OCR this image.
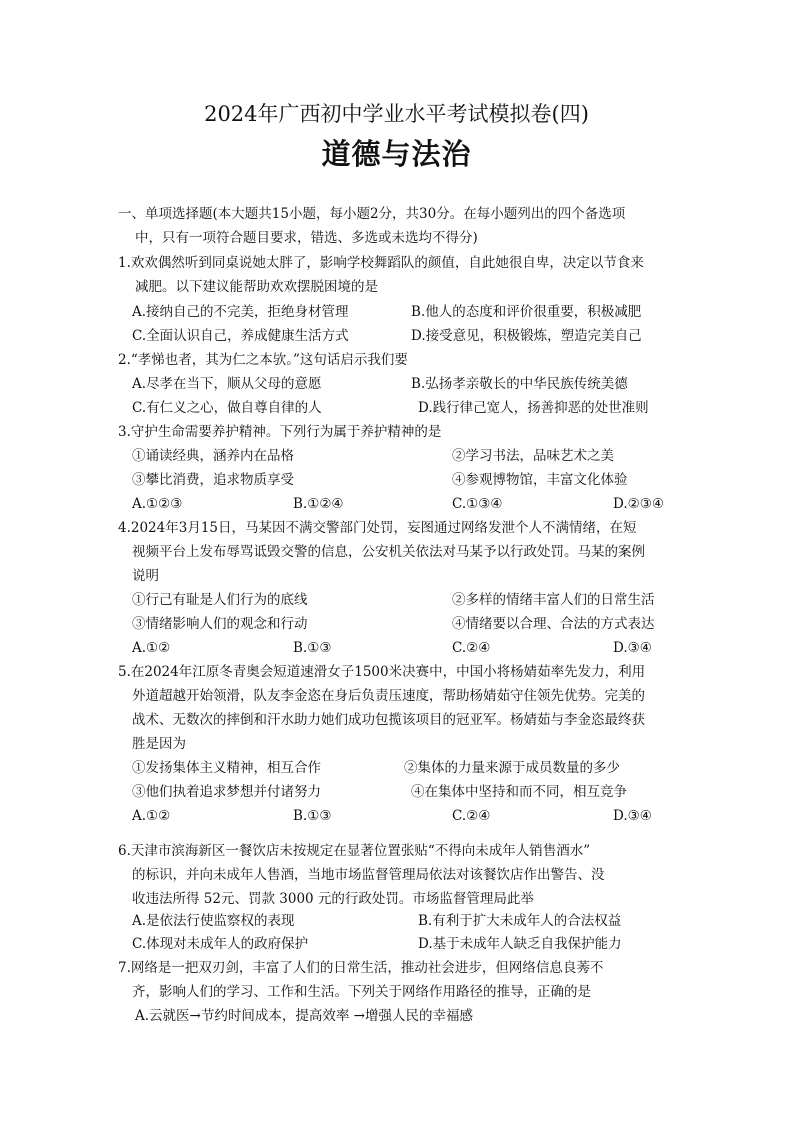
2024年广西初中学业水平考试模拟卷(四)
道德与法治
一、单项选择题(本大题共15小题，每小题2分，共30分。在每小题列出的四个备选项
中，只有一项符合题目要求，错选、多选或未选均不得分)
1.欢欢偶然听到同桌说她太胖了，影响学校舞蹈队的颜值，自此她很自卑，决定以节食来
减肥。以下建议能帮助欢欢摆脱困境的是
A.接纳自己的不完美，拒绝身材管理	B.他人的态度和评价很重要，积极减肥
C.全面认识自己，养成健康生活方式	D.接受意见，积极锻炼，塑造完美自己
2.“孝悌也者，其为仁之本欤。”这句话启示我们要
A.尽孝在当下，顺从父母的意愿	B.弘扬孝亲敬长的中华民族传统美德
C.有仁义之心，做自尊自律的人	D.践行律己宽人，扬善抑恶的处世准则
3.守护生命需要养护精神。下列行为属于养护精神的是
①诵读经典，涵养内在品格	②学习书法，品味艺术之美
③攀比消费，追求物质享受	④参观博物馆，丰富文化体验
A.①②③	B.①②④	C.①③④	D.②③④
4.2024年3月15日，马某因不满交警部门处罚，妄图通过网络发泄个人不满情绪，在短
视频平台上发布辱骂诋毁交警的信息，公安机关依法对马某予以行政处罚。马某的案例
说明
①行己有耻是人们行为的底线	②多样的情绪丰富人们的日常生活
③情绪影响人们的观念和行动	④情绪要以合理、合法的方式表达
A.①②	B.①③	C.②④	D.③④
5.在2024年江原冬青奥会短道速滑女子1500米决赛中，中国小将杨婧茹率先发力，利用
外道超越开始领滑，队友李金恣在身后负责压速度，帮助杨婧茹守住领先优势。完美的
战术、无数次的摔倒和汗水助力她们成功包揽该项目的冠亚军。杨婧茹与李金恣最终获
胜是因为
①发扬集体主义精神，相互合作	②集体的力量来源于成员数量的多少
③他们执着追求梦想并付诸努力	④在集体中坚持和而不同，相互竞争
A.①②	B.①③	C.②④	D.③④
6.天津市滨海新区一餐饮店未按规定在显著位置张贴“不得向未成年人销售酒水”
的标识，并向未成年人售酒，当地市场监督管理局依法对该餐饮店作出警告、没
收违法所得 52元、罚款 3000 元的行政处罚。市场监督管理局此举
A.是依法行使监察权的表现	B.有利于扩大未成年人的合法权益
C.体现对未成年人的政府保护	D.基于未成年人缺乏自我保护能力
7.网络是一把双刃剑，丰富了人们的日常生活，推动社会进步，但网络信息良莠不
齐，影响人们的学习、工作和生活。下列关于网络作用路径的推导，正确的是
A.云就医→节约时间成本，提高效率 →增强人民的幸福感
